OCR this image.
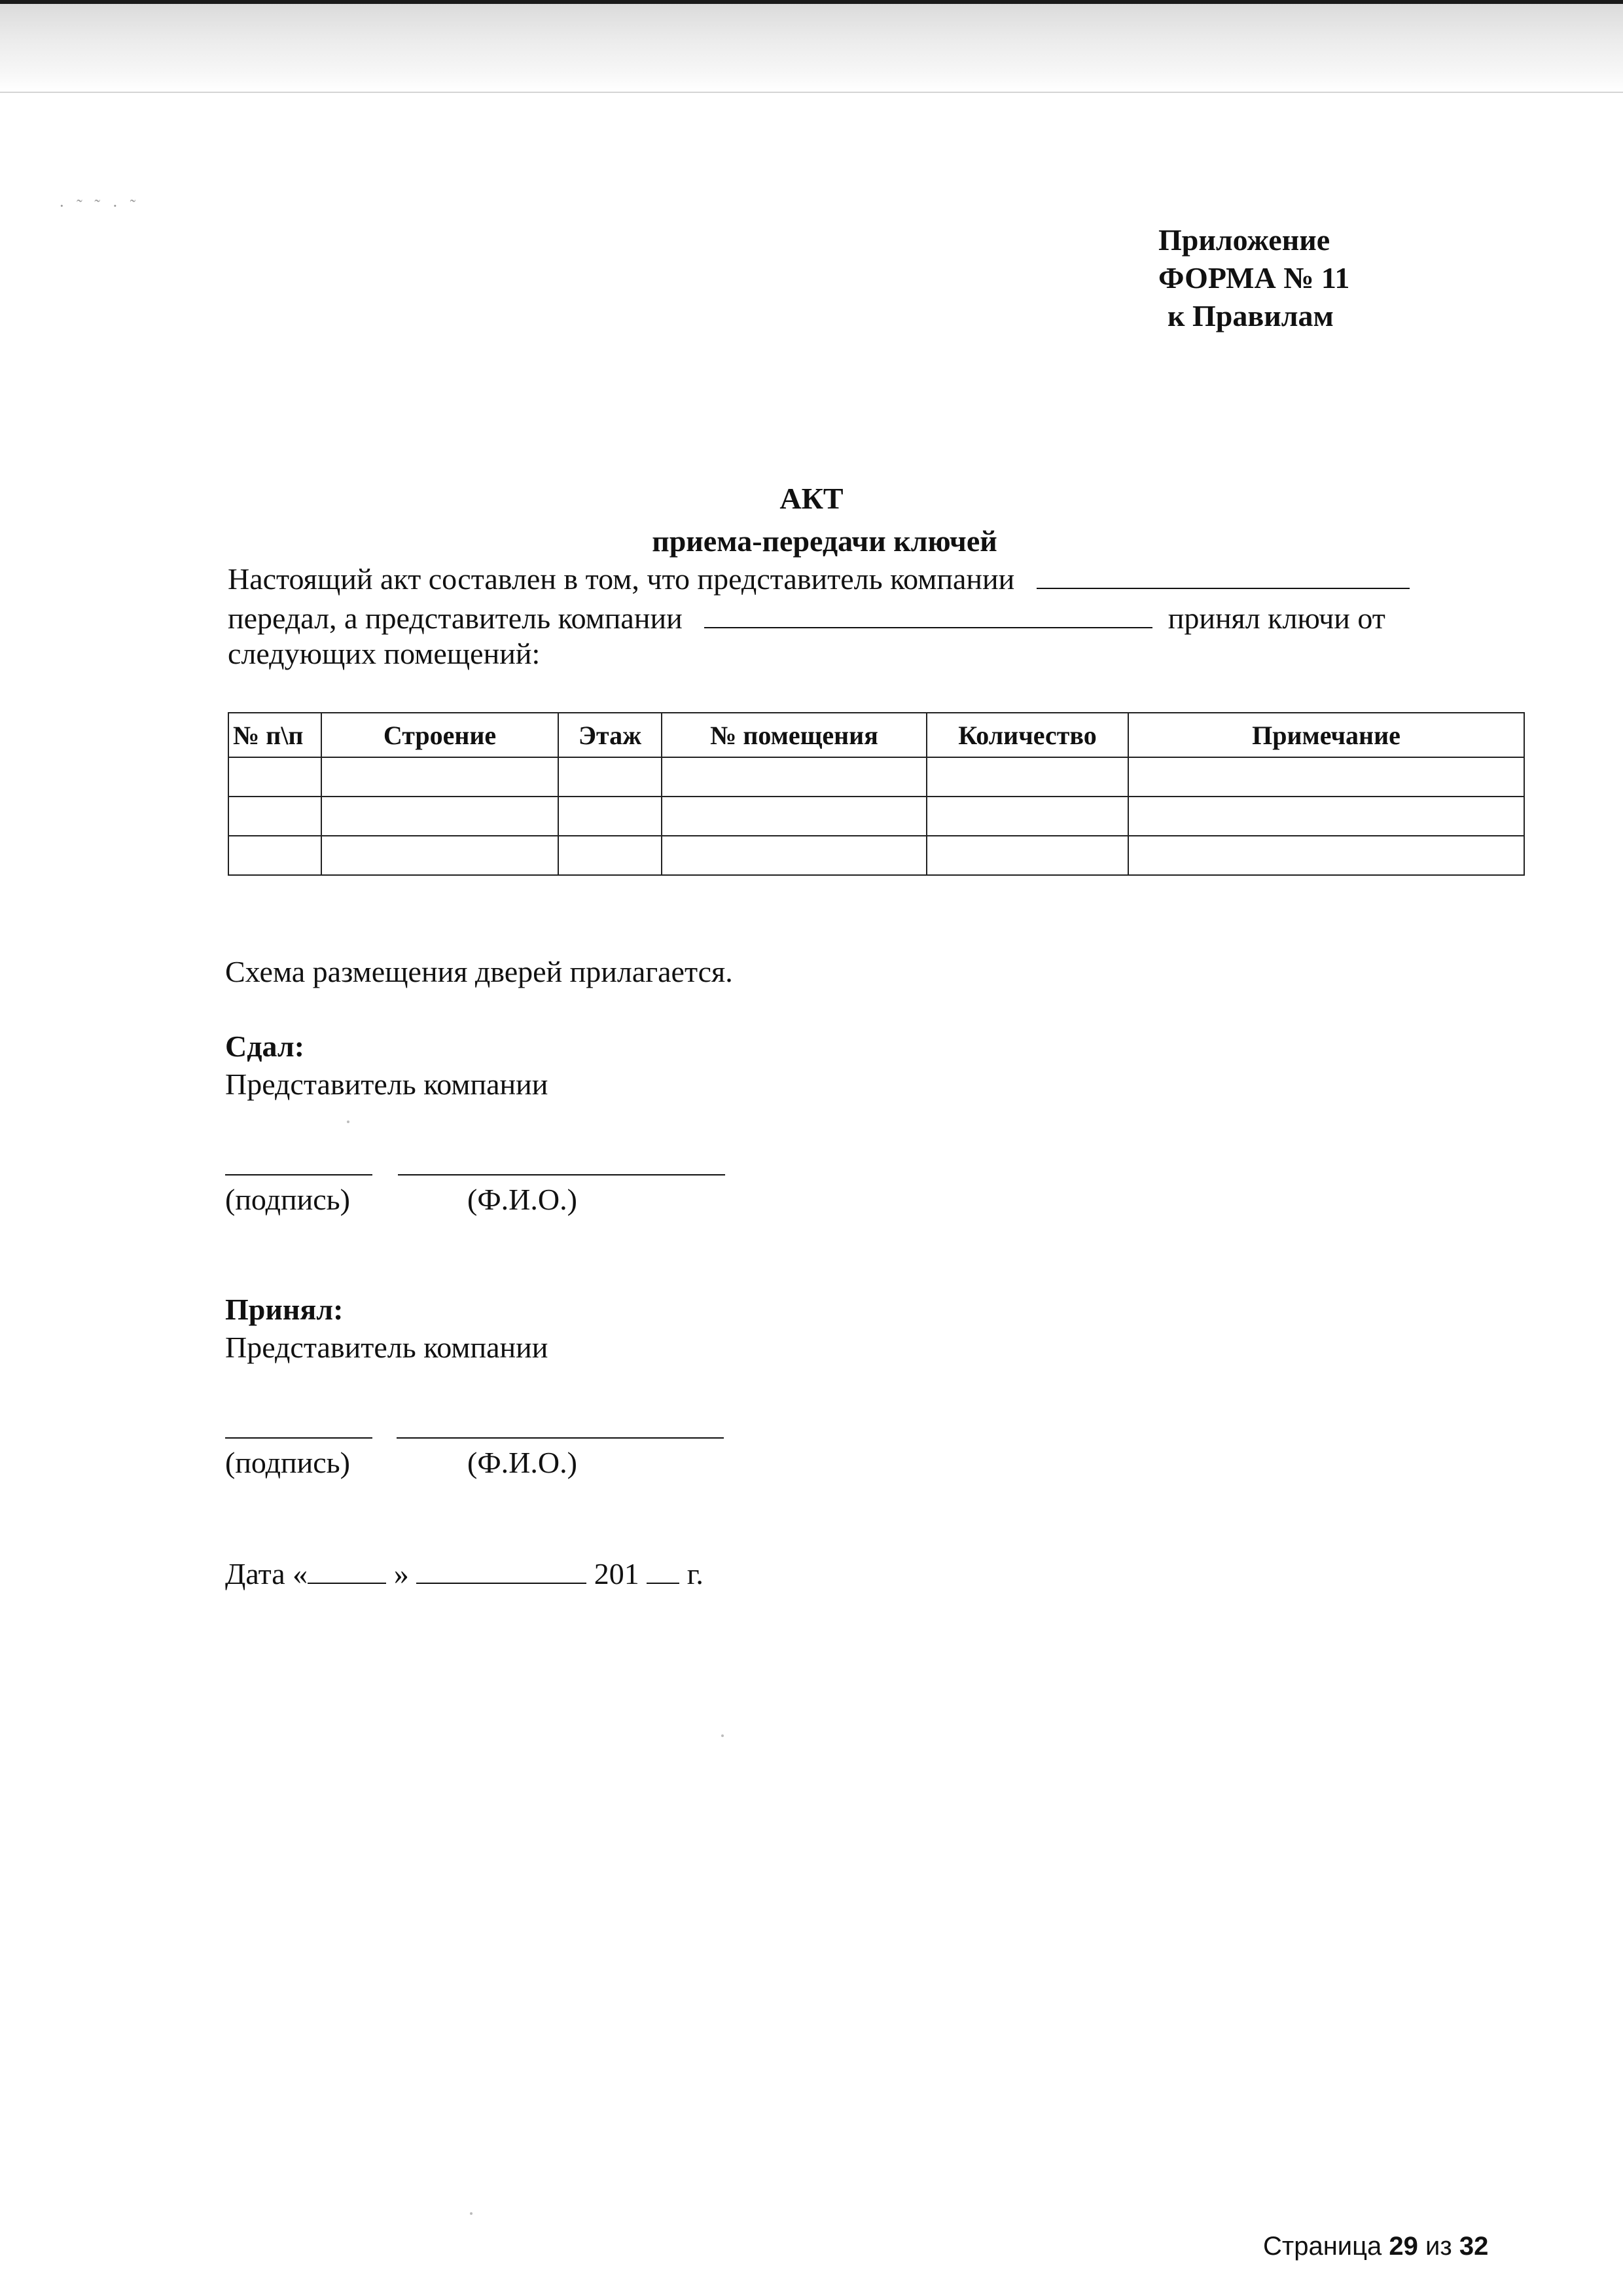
· ˜ ˜ · ˜
Приложение
ФОРМА № 11
к Правилам
АКТ
приема-передачи ключей
Настоящий акт составлен в том, что представитель компании
передал, а представитель компании	принял ключи от
следующих помещений:
№ п\п	Строение	Этаж	№ помещения	Количество	Примечание

Схема размещения дверей прилагается.
Сдал:
Представитель компании
(подпись)	(Ф.И.О.)
Принял:
Представитель компании
(подпись)	(Ф.И.О.)
Дата «	»	201 г.
Страница 29 из 32
